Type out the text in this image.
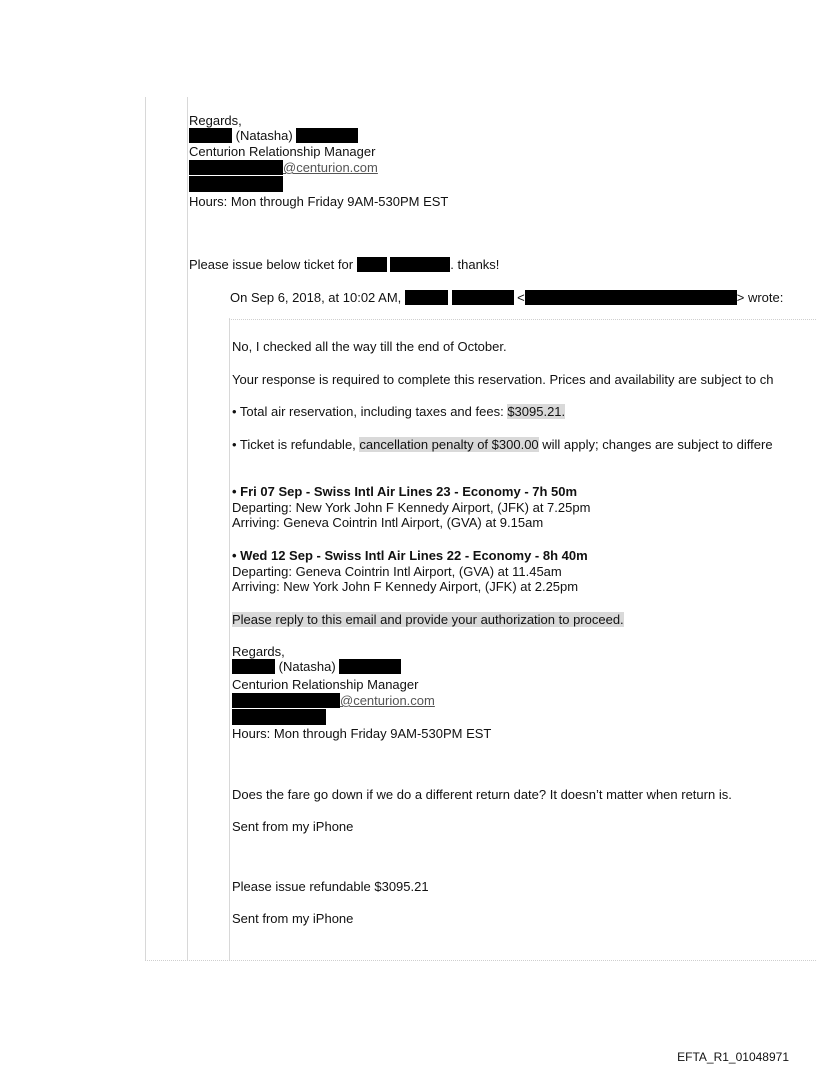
Regards,
(Natasha)
Centurion Relationship Manager
@centurion.com
Hours: Mon through Friday 9AM-530PM EST
Please issue below ticket for	. thanks!
On Sep 6, 2018, at 10:02 AM,	<	> wrote:
No, I checked all the way till the end of October.
Your response is required to complete this reservation. Prices and availability are subject to ch
• Total air reservation, including taxes and fees: $3095.21.
• Ticket is refundable, cancellation penalty of $300.00 will apply; changes are subject to differe
• Fri 07 Sep - Swiss Intl Air Lines 23 - Economy - 7h 50m
Departing: New York John F Kennedy Airport, (JFK) at 7.25pm
Arriving: Geneva Cointrin Intl Airport, (GVA) at 9.15am
• Wed 12 Sep - Swiss Intl Air Lines 22 - Economy - 8h 40m
Departing: Geneva Cointrin Intl Airport, (GVA) at 11.45am
Arriving: New York John F Kennedy Airport, (JFK) at 2.25pm
Please reply to this email and provide your authorization to proceed.
Regards,
(Natasha)
Centurion Relationship Manager
@centurion.com
Hours: Mon through Friday 9AM-530PM EST
Does the fare go down if we do a different return date? It doesn’t matter when return is.
Sent from my iPhone
Please issue refundable $3095.21
Sent from my iPhone
EFTA_R1_01048971
